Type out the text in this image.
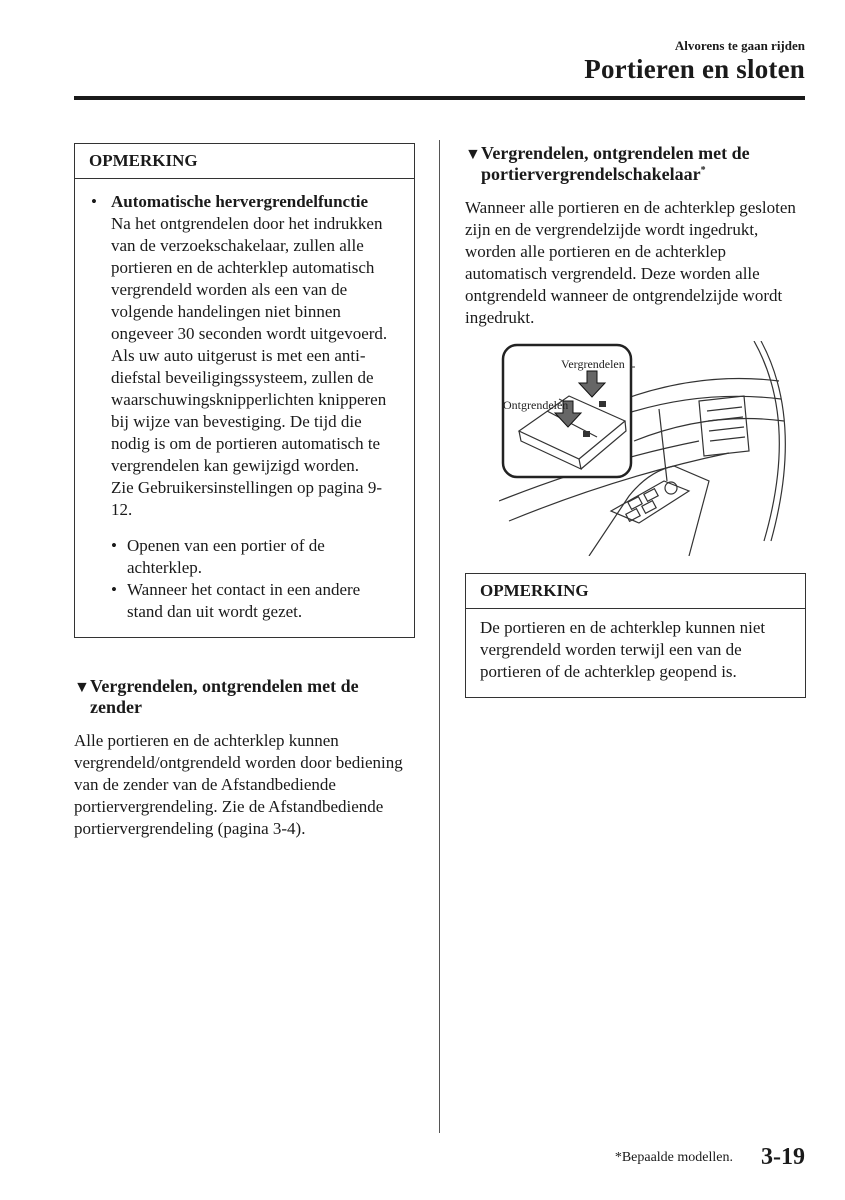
Alvorens te gaan rijden
Portieren en sloten
OPMERKING
• Automatische hervergrendelfunctie

Na het ontgrendelen door het indrukken van de verzoekschakelaar, zullen alle portieren en de achterklep automatisch vergrendeld worden als een van de volgende handelingen niet binnen ongeveer 30 seconden wordt uitgevoerd. Als uw auto uitgerust is met een anti-diefstal beveiligingssysteem, zullen de waarschuwingsknipperlichten knipperen bij wijze van bevestiging. De tijd die nodig is om de portieren automatisch te vergrendelen kan gewijzigd worden.

Zie Gebruikersinstellingen op pagina 9-12.

• Openen van een portier of de achterklep.
• Wanneer het contact in een andere stand dan uit wordt gezet.
▼ Vergrendelen, ontgrendelen met de zender

Alle portieren en de achterklep kunnen vergrendeld/ontgrendeld worden door bediening van de zender van de Afstandbediende portiervergrendeling. Zie de Afstandbediende portiervergrendeling (pagina 3-4).

▼ Vergrendelen, ontgrendelen met de portiervergrendelschakelaar*

Wanneer alle portieren en de achterklep gesloten zijn en de vergrendelzijde wordt ingedrukt, worden alle portieren en de achterklep automatisch vergrendeld. Deze worden alle ontgrendeld wanneer de ontgrendelzijde wordt ingedrukt.

Vergrendelen
Ontgrendelen
OPMERKING

De portieren en de achterklep kunnen niet vergrendeld worden terwijl een van de portieren of de achterklep geopend is.

*Bepaalde modellen. 3-19
